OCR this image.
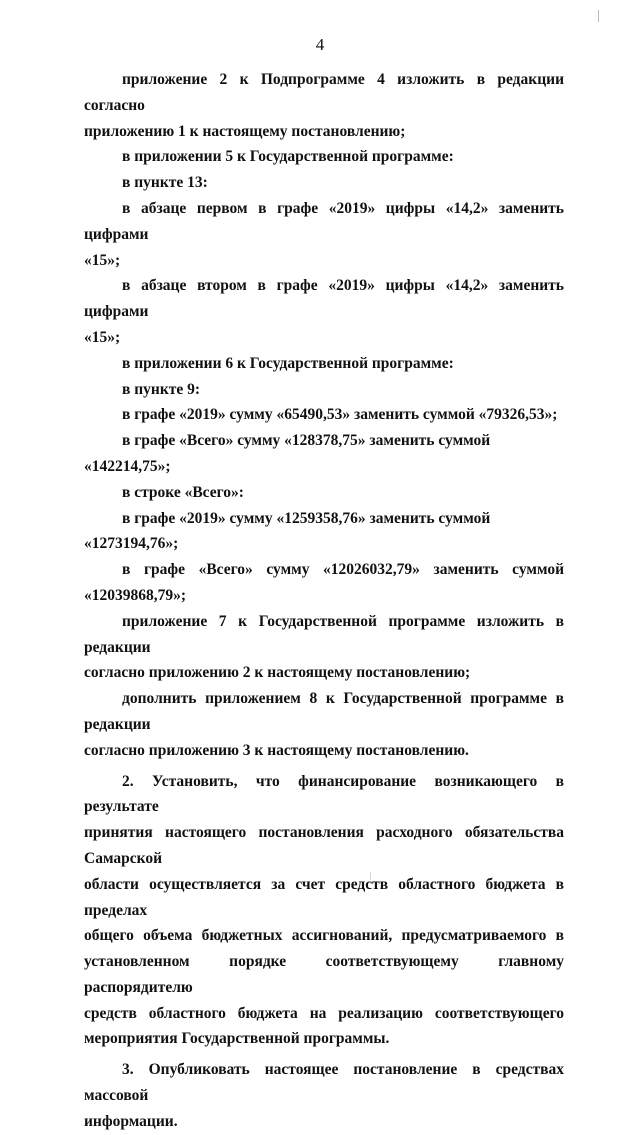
4

приложение 2 к Подпрограмме 4 изложить в редакции согласно
приложению 1 к настоящему постановлению;

в приложении 5 к Государственной программе:

в пункте 13:

в абзаце первом в графе «2019» цифры «14,2» заменить цифрами
«15»;

в абзаце втором в графе «2019» цифры «14,2» заменить цифрами
«15»;

в приложении 6 к Государственной программе:

в пункте 9:

в графе «2019» сумму «65490,53» заменить суммой «79326,53»;

в графе «Всего» сумму «128378,75» заменить суммой «142214,75»;

в строке «Всего»:

в графе «2019» сумму «1259358,76» заменить суммой «1273194,76»;

в графе «Всего» сумму «12026032,79» заменить суммой
«12039868,79»;

приложение 7 к Государственной программе изложить в редакции
согласно приложению 2 к настоящему постановлению;

дополнить приложением 8 к Государственной программе в редакции
согласно приложению 3 к настоящему постановлению.

2. Установить, что финансирование возникающего в результате
принятия настоящего постановления расходного обязательства Самарской
области осуществляется за счет средств областного бюджета в пределах
общего объема бюджетных ассигнований, предусматриваемого в
установленном порядке соответствующему главному распорядителю
средств областного бюджета на реализацию соответствующего
мероприятия Государственной программы.

3. Опубликовать настоящее постановление в средствах массовой
информации.
